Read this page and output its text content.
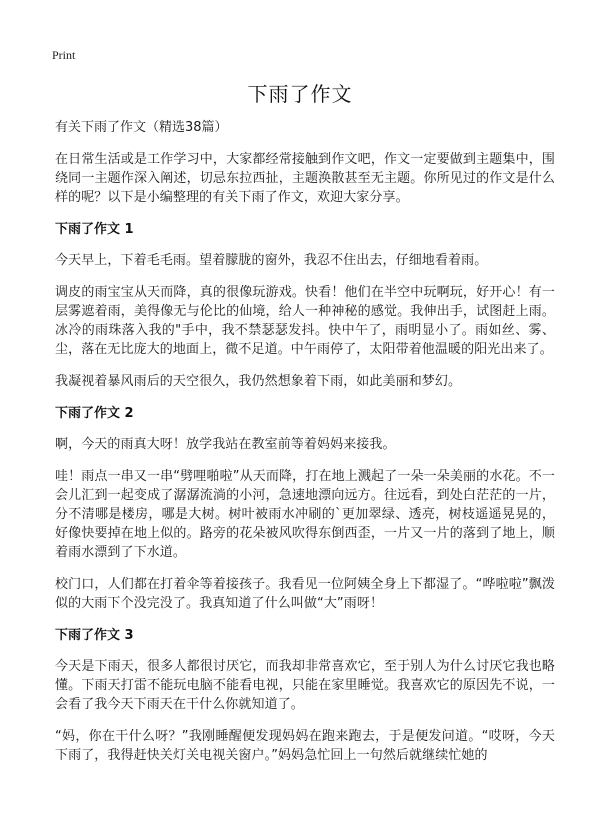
Print
下雨了作文
有关下雨了作文（精选38篇）

在日常生活或是工作学习中，大家都经常接触到作文吧，作文一定要做到主题集中，围绕同一主题作深入阐述，切忌东拉西扯，主题涣散甚至无主题。你所见过的作文是什么样的呢？以下是小编整理的有关下雨了作文，欢迎大家分享。

下雨了作文 1

今天早上，下着毛毛雨。望着朦胧的窗外，我忍不住出去，仔细地看着雨。

调皮的雨宝宝从天而降，真的很像玩游戏。快看！他们在半空中玩啊玩，好开心！有一层雾遮着雨，美得像无与伦比的仙境，给人一种神秘的感觉。我伸出手，试图赶上雨。冰冷的雨珠落入我的"手中，我不禁瑟瑟发抖。快中午了，雨明显小了。雨如丝、雾、尘，落在无比庞大的地面上，微不足道。中午雨停了，太阳带着他温暖的阳光出来了。

我凝视着暴风雨后的天空很久，我仍然想象着下雨，如此美丽和梦幻。

下雨了作文 2

啊，今天的雨真大呀！放学我站在教室前等着妈妈来接我。

哇！雨点一串又一串“劈哩啪啦”从天而降，打在地上溅起了一朵一朵美丽的水花。不一会儿汇到一起变成了潺潺流淌的小河，急速地漂向远方。往远看，到处白茫茫的一片，分不清哪是楼房，哪是大树。树叶被雨水冲刷的`更加翠绿、透亮，树枝遥遥晃晃的，好像快要掉在地上似的。路旁的花朵被风吹得东倒西歪，一片又一片的落到了地上，顺着雨水漂到了下水道。

校门口，人们都在打着伞等着接孩子。我看见一位阿姨全身上下都湿了。“哗啦啦”飘泼似的大雨下个没完没了。我真知道了什么叫做“大”雨呀！

下雨了作文 3

今天是下雨天，很多人都很讨厌它，而我却非常喜欢它，至于别人为什么讨厌它我也略懂。下雨天打雷不能玩电脑不能看电视，只能在家里睡觉。我喜欢它的原因先不说，一会看了我今天下雨天在干什么你就知道了。

“妈，你在干什么呀？”我刚睡醒便发现妈妈在跑来跑去，于是便发问道。“哎呀，今天下雨了，我得赶快关灯关电视关窗户。”妈妈急忙回上一句然后就继续忙她的
